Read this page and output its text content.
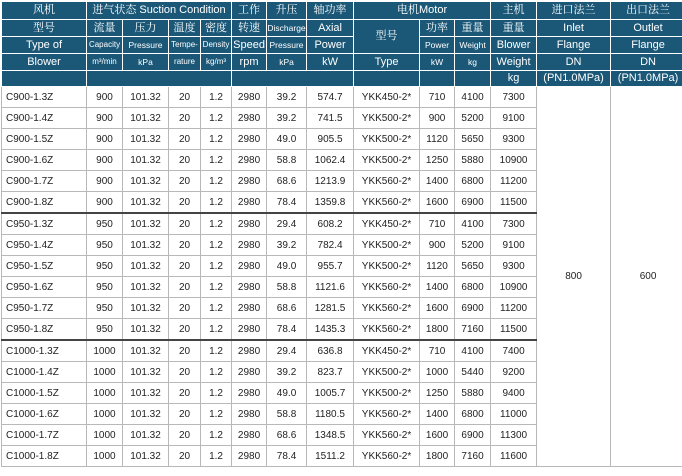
风机	进气状态 Suction Condition				工作	升压	轴功率	电机Motor			主机	进口法兰	出口法兰
型号	流量	压力	温度	密度	转速	Discharge	Axial	型号	功率	重量	重量	Inlet	Outlet
Type of	Capacity	Pressure	Tempe-	Density	Speed	Pressure	Power		Power	Weight	Blower	Flange	Flange
Blower	m³/min	kPa	rature	kg/m³	rpm	kPa	kW	Type	kW	kg	Weight	DN	DN
											kg	(PN1.0MPa)	(PN1.0MPa)
C900-1.3Z	900	101.32	20	1.2	2980	39.2	574.7	YKK450-2*	710	4100	7300	800	600
C900-1.4Z	900	101.32	20	1.2	2980	39.2	741.5	YKK500-2*	900	5200	9100		
C900-1.5Z	900	101.32	20	1.2	2980	49.0	905.5	YKK500-2*	1120	5650	9300		
C900-1.6Z	900	101.32	20	1.2	2980	58.8	1062.4	YKK500-2*	1250	5880	10900		
C900-1.7Z	900	101.32	20	1.2	2980	68.6	1213.9	YKK560-2*	1400	6800	11200		
C900-1.8Z	900	101.32	20	1.2	2980	78.4	1359.8	YKK560-2*	1600	6900	11500		
C950-1.3Z	950	101.32	20	1.2	2980	29.4	608.2	YKK450-2*	710	4100	7300		
C950-1.4Z	950	101.32	20	1.2	2980	39.2	782.4	YKK500-2*	900	5200	9100		
C950-1.5Z	950	101.32	20	1.2	2980	49.0	955.7	YKK500-2*	1120	5650	9300		
C950-1.6Z	950	101.32	20	1.2	2980	58.8	1121.6	YKK560-2*	1400	6800	10900		
C950-1.7Z	950	101.32	20	1.2	2980	68.6	1281.5	YKK560-2*	1600	6900	11200		
C950-1.8Z	950	101.32	20	1.2	2980	78.4	1435.3	YKK560-2*	1800	7160	11500		
C1000-1.3Z	1000	101.32	20	1.2	2980	29.4	636.8	YKK450-2*	710	4100	7400		
C1000-1.4Z	1000	101.32	20	1.2	2980	39.2	823.7	YKK500-2*	1000	5440	9200		
C1000-1.5Z	1000	101.32	20	1.2	2980	49.0	1005.7	YKK500-2*	1250	5880	9400		
C1000-1.6Z	1000	101.32	20	1.2	2980	58.8	1180.5	YKK560-2*	1400	6800	11000		
C1000-1.7Z	1000	101.32	20	1.2	2980	68.6	1348.5	YKK560-2*	1600	6900	11300		
C1000-1.8Z	1000	101.32	20	1.2	2980	78.4	1511.2	YKK560-2*	1800	7160	11600		
